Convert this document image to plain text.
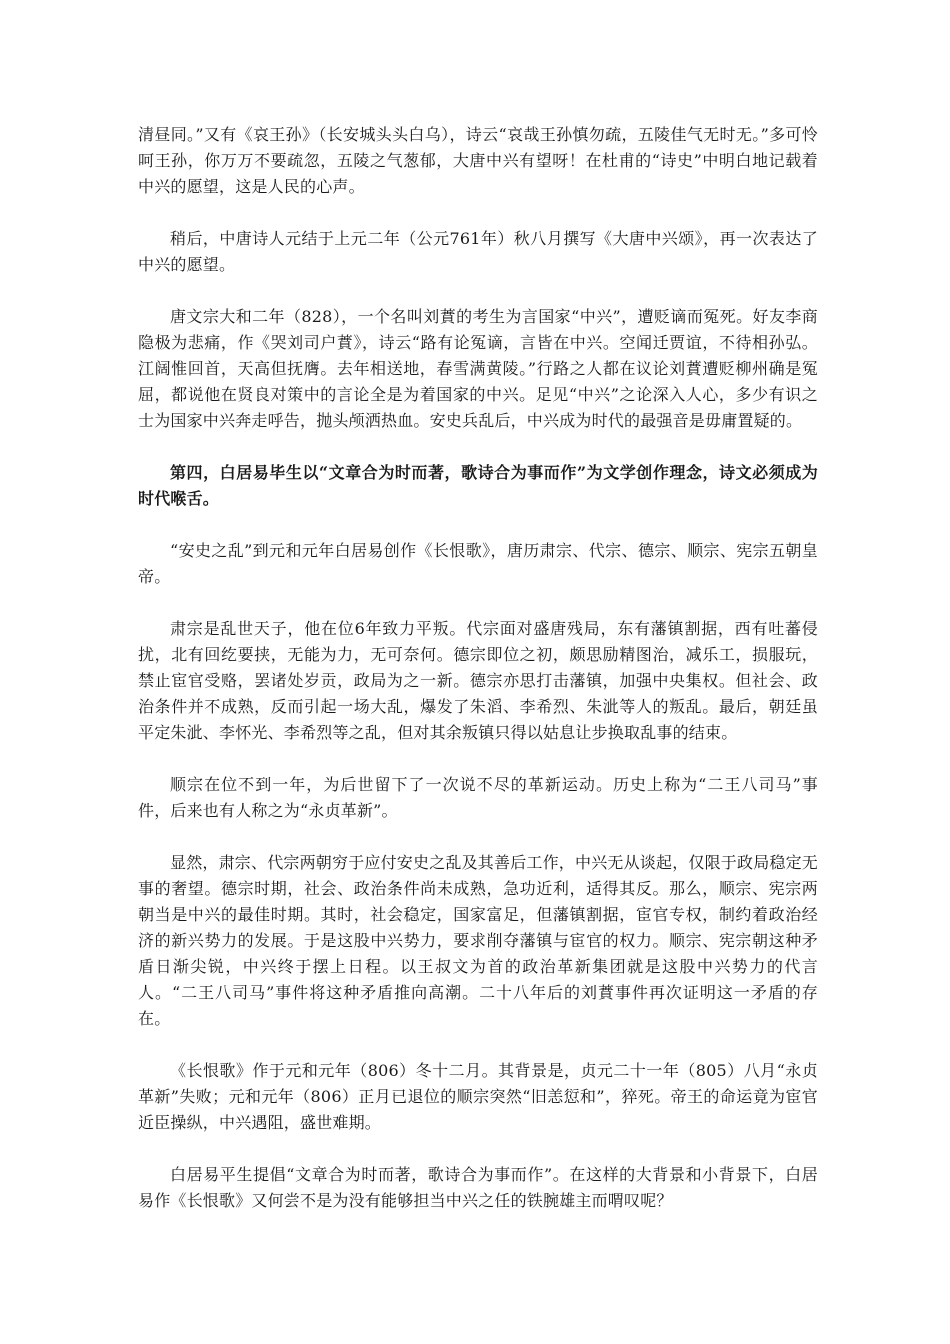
清昼同。”又有《哀王孙》（长安城头头白乌），诗云“哀哉王孙慎勿疏，五陵佳气无时无。”多可怜呵王孙，你万万不要疏忽，五陵之气葱郁，大唐中兴有望呀！在杜甫的“诗史”中明白地记载着中兴的愿望，这是人民的心声。

稍后，中唐诗人元结于上元二年（公元761年）秋八月撰写《大唐中兴颂》，再一次表达了中兴的愿望。

唐文宗大和二年（828），一个名叫刘蕡的考生为言国家“中兴”，遭贬谪而冤死。好友李商隐极为悲痛，作《哭刘司户蕡》，诗云“路有论冤谪，言皆在中兴。空闻迁贾谊，不待相孙弘。江阔惟回首，天高但抚膺。去年相送地，春雪满黄陵。”行路之人都在议论刘蕡遭贬柳州确是冤屈，都说他在贤良对策中的言论全是为着国家的中兴。足见“中兴”之论深入人心，多少有识之士为国家中兴奔走呼告，抛头颅洒热血。安史兵乱后，中兴成为时代的最强音是毋庸置疑的。

第四，白居易毕生以“文章合为时而著，歌诗合为事而作”为文学创作理念，诗文必须成为时代喉舌。

“安史之乱”到元和元年白居易创作《长恨歌》，唐历肃宗、代宗、德宗、顺宗、宪宗五朝皇帝。

肃宗是乱世天子，他在位6年致力平叛。代宗面对盛唐残局，东有藩镇割据，西有吐蕃侵扰，北有回纥要挟，无能为力，无可奈何。德宗即位之初，颇思励精图治，减乐工，损服玩，禁止宦官受赂，罢诸处岁贡，政局为之一新。德宗亦思打击藩镇，加强中央集权。但社会、政治条件并不成熟，反而引起一场大乱，爆发了朱滔、李希烈、朱泚等人的叛乱。最后，朝廷虽平定朱泚、李怀光、李希烈等之乱，但对其余叛镇只得以姑息让步换取乱事的结束。

顺宗在位不到一年，为后世留下了一次说不尽的革新运动。历史上称为“二王八司马”事件，后来也有人称之为“永贞革新”。

显然，肃宗、代宗两朝穷于应付安史之乱及其善后工作，中兴无从谈起，仅限于政局稳定无事的奢望。德宗时期，社会、政治条件尚未成熟，急功近利，适得其反。那么，顺宗、宪宗两朝当是中兴的最佳时期。其时，社会稳定，国家富足，但藩镇割据，宦官专权，制约着政治经济的新兴势力的发展。于是这股中兴势力，要求削夺藩镇与宦官的权力。顺宗、宪宗朝这种矛盾日渐尖锐，中兴终于摆上日程。以王叔文为首的政治革新集团就是这股中兴势力的代言人。“二王八司马”事件将这种矛盾推向高潮。二十八年后的刘蕡事件再次证明这一矛盾的存在。

《长恨歌》作于元和元年（806）冬十二月。其背景是，贞元二十一年（805）八月“永贞革新”失败；元和元年（806）正月已退位的顺宗突然“旧恙愆和”，猝死。帝王的命运竟为宦官近臣操纵，中兴遇阻，盛世难期。

白居易平生提倡“文章合为时而著，歌诗合为事而作”。在这样的大背景和小背景下，白居易作《长恨歌》又何尝不是为没有能够担当中兴之任的铁腕雄主而喟叹呢？
